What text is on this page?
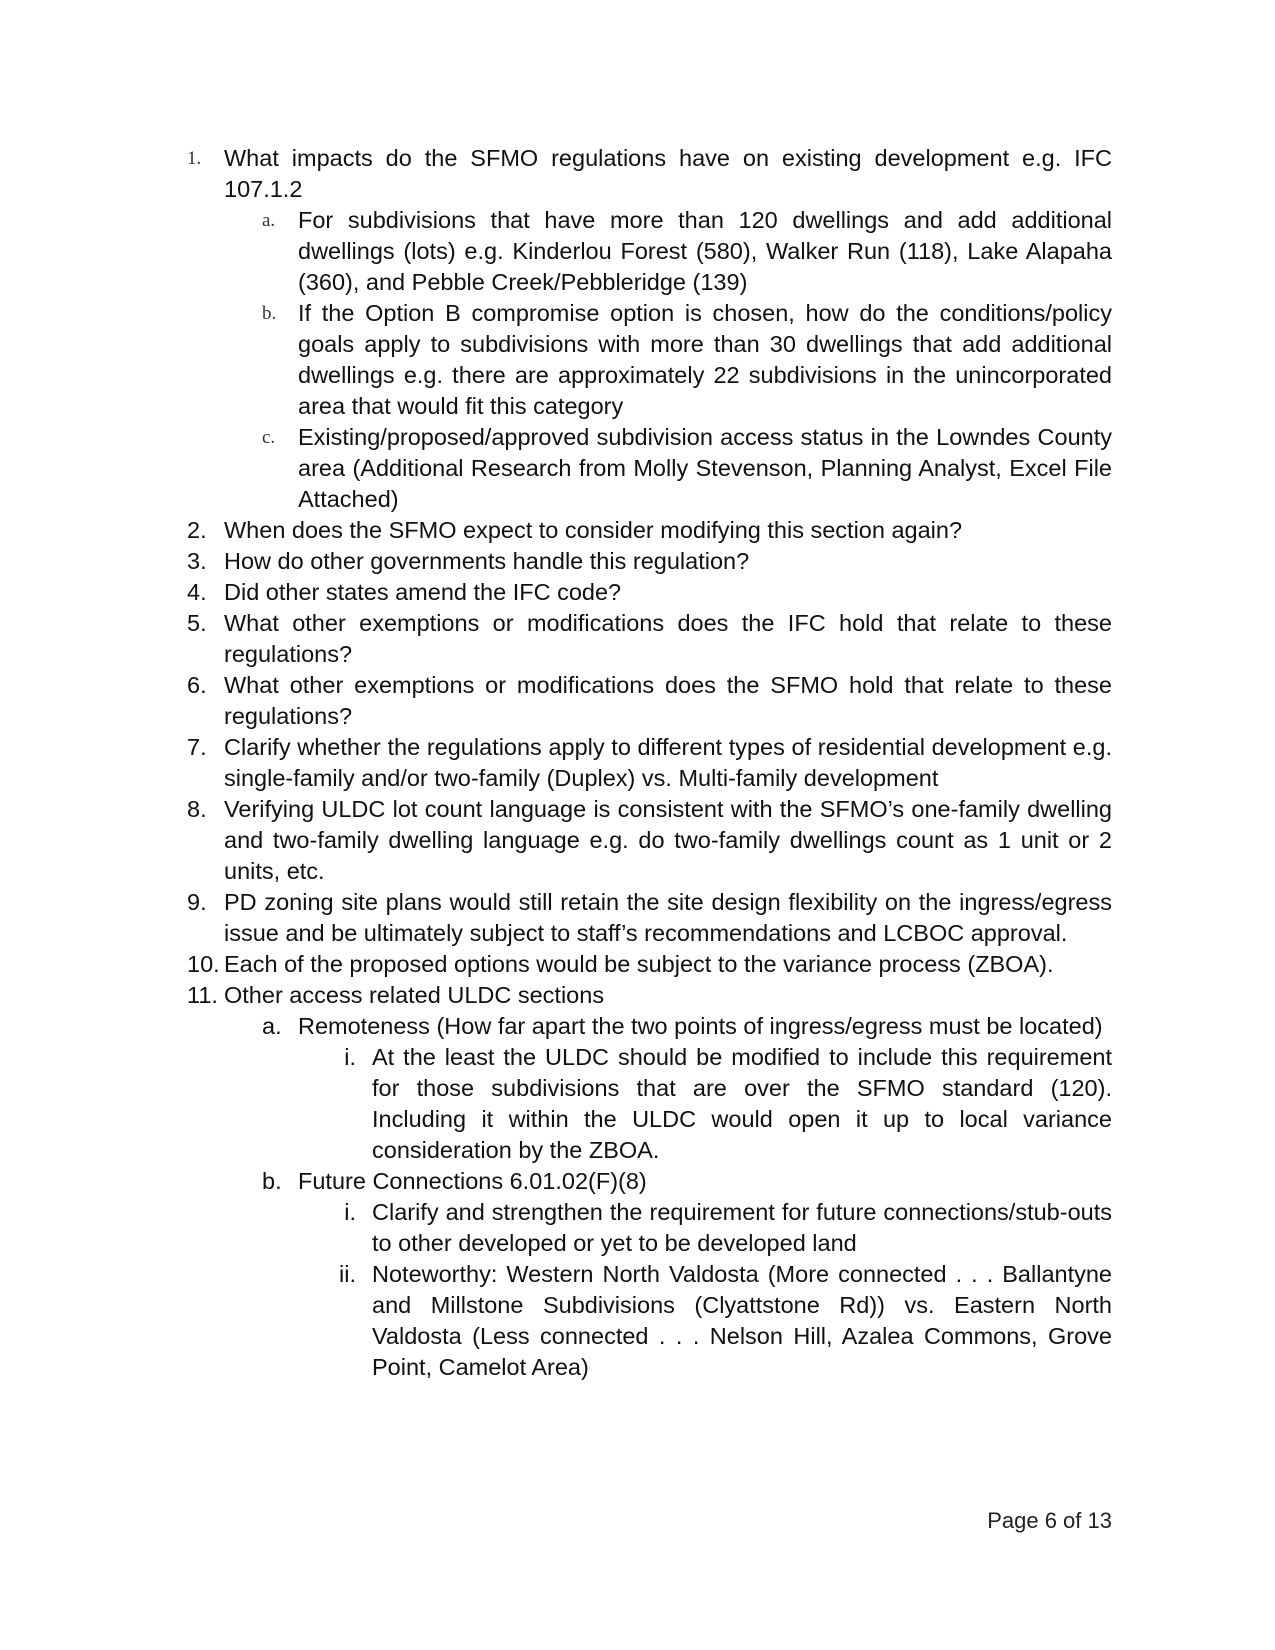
1. What impacts do the SFMO regulations have on existing development e.g. IFC 107.1.2
a. For subdivisions that have more than 120 dwellings and add additional dwellings (lots) e.g. Kinderlou Forest (580), Walker Run (118), Lake Alapaha (360), and Pebble Creek/Pebbleridge (139)
b. If the Option B compromise option is chosen, how do the conditions/policy goals apply to subdivisions with more than 30 dwellings that add additional dwellings e.g. there are approximately 22 subdivisions in the unincorporated area that would fit this category
c. Existing/proposed/approved subdivision access status in the Lowndes County area (Additional Research from Molly Stevenson, Planning Analyst, Excel File Attached)
2. When does the SFMO expect to consider modifying this section again?
3. How do other governments handle this regulation?
4. Did other states amend the IFC code?
5. What other exemptions or modifications does the IFC hold that relate to these regulations?
6. What other exemptions or modifications does the SFMO hold that relate to these regulations?
7. Clarify whether the regulations apply to different types of residential development e.g. single-family and/or two-family (Duplex) vs. Multi-family development
8. Verifying ULDC lot count language is consistent with the SFMO’s one-family dwelling and two-family dwelling language e.g. do two-family dwellings count as 1 unit or 2 units, etc.
9. PD zoning site plans would still retain the site design flexibility on the ingress/egress issue and be ultimately subject to staff’s recommendations and LCBOC approval.
10. Each of the proposed options would be subject to the variance process (ZBOA).
11. Other access related ULDC sections
a. Remoteness (How far apart the two points of ingress/egress must be located)
i. At the least the ULDC should be modified to include this requirement for those subdivisions that are over the SFMO standard (120). Including it within the ULDC would open it up to local variance consideration by the ZBOA.
b. Future Connections 6.01.02(F)(8)
i. Clarify and strengthen the requirement for future connections/stub-outs to other developed or yet to be developed land
ii. Noteworthy: Western North Valdosta (More connected . . . Ballantyne and Millstone Subdivisions (Clyattstone Rd)) vs. Eastern North Valdosta (Less connected . . . Nelson Hill, Azalea Commons, Grove Point, Camelot Area)
Page 6 of 13
